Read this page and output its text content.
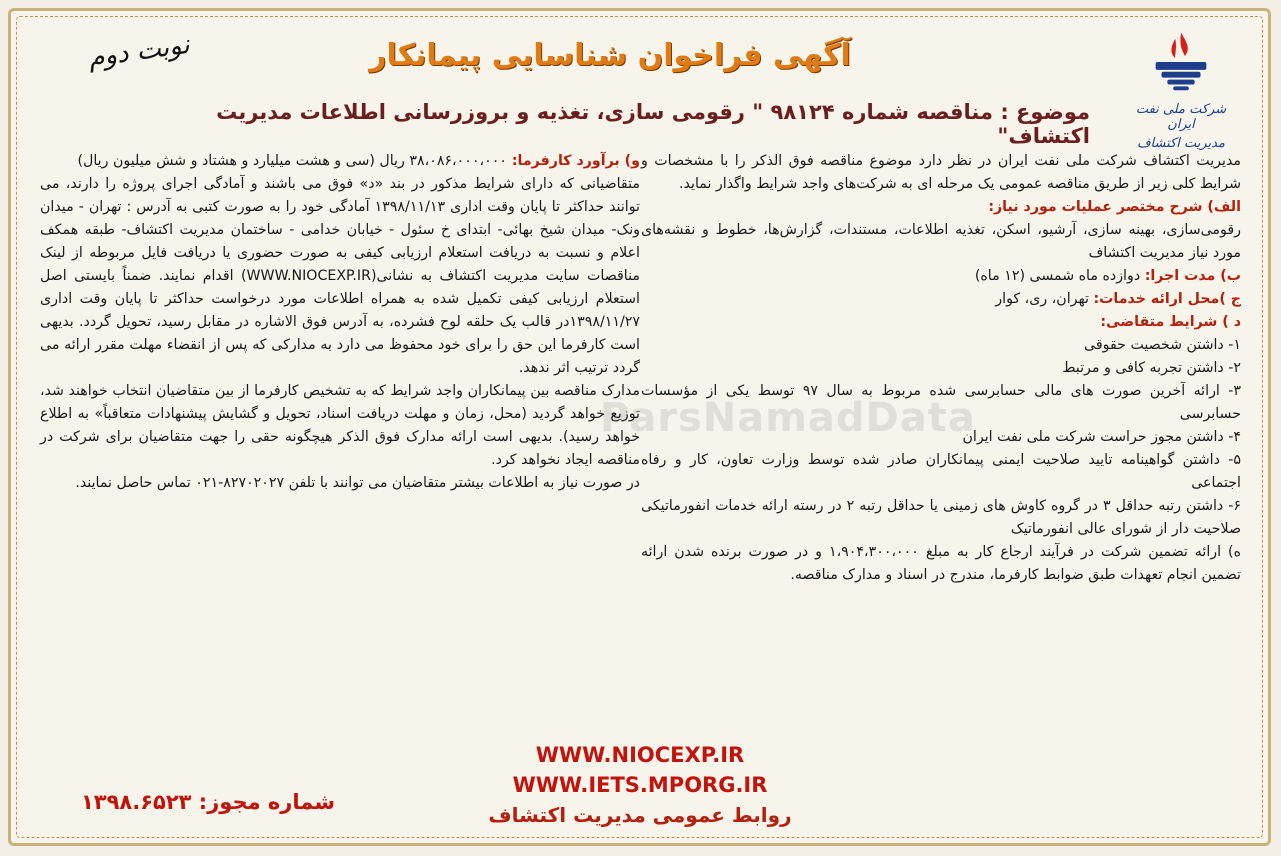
شرکت ملی نفت ایران
مدیریت اکتشاف
آگهی فراخوان شناسایی پیمانکار
نوبت دوم
موضوع : مناقصه شماره ۹۸۱۲۴ " رقومی سازی، تغذیه و بروزرسانی اطلاعات مدیریت اکتشاف"
ParsNamadData

مدیریت اکتشاف شرکت ملی نفت ایران در نظر دارد موضوع مناقصه فوق الذکر را با مشخصات و شرایط کلی زیر از طریق مناقصه عمومی یک مرحله ای به شرکت‌های واجد شرایط واگذار نماید.

الف) شرح مختصر عملیات مورد نیاز:

رقومی‌سازی، بهینه سازی، آرشیو، اسکن، تغذیه اطلاعات، مستندات، گزارش‌ها، خطوط و نقشه‌های مورد نیاز مدیریت اکتشاف

ب) مدت اجرا: دوازده ماه شمسی (۱۲ ماه)

ج )محل ارائه خدمات: تهران، ری، کوار

د ) شرایط متقاضی:

۱- داشتن شخصیت حقوقی

۲- داشتن تجربه کافی و مرتبط

۳- ارائه آخرین صورت های مالی حسابرسی شده مربوط به سال ۹۷ توسط یکی از مؤسسات حسابرسی

۴- داشتن مجوز حراست شرکت ملی نفت ایران

۵- داشتن گواهینامه تایید صلاحیت ایمنی پیمانکاران صادر شده توسط وزارت تعاون، کار و رفاه اجتماعی

۶- داشتن رتبه حداقل ۳ در گروه کاوش های زمینی یا حداقل رتبه ۲ در رسته ارائه خدمات انفورماتیکی صلاحیت دار از شورای عالی انفورماتیک

ه) ارائه تضمین شرکت در فرآیند ارجاع کار به مبلغ ۱،۹۰۴،۳۰۰،۰۰۰ و در صورت برنده شدن ارائه تضمین انجام تعهدات طبق ضوابط کارفرما، مندرج در اسناد و مدارک مناقصه.

و) برآورد کارفرما: ۳۸،۰۸۶،۰۰۰،۰۰۰ ریال (سی و هشت میلیارد و هشتاد و شش میلیون ریال)

متقاضیانی که دارای شرایط مذکور در بند «د» فوق می باشند و آمادگی اجرای پروژه را دارند، می توانند حداکثر تا پایان وقت اداری ۱۳۹۸/۱۱/۱۳ آمادگی خود را به صورت کتبی به آدرس : تهران - میدان ونک- میدان شیخ بهائی- ابتدای خ سئول - خیابان خدامی - ساختمان مدیریت اکتشاف- طبقه همکف اعلام و نسبت به دریافت استعلام ارزیابی کیفی به صورت حضوری یا دریافت فایل مربوطه از لینک مناقصات سایت مدیریت اکتشاف به نشانی(WWW.NIOCEXP.IR) اقدام نمایند. ضمناً بایستی اصل استعلام ارزیابی کیفی تکمیل شده به همراه اطلاعات مورد درخواست حداکثر تا پایان وقت اداری ۱۳۹۸/۱۱/۲۷در قالب یک حلقه لوح فشرده، به آدرس فوق الاشاره در مقابل رسید، تحویل گردد. بدیهی است کارفرما این حق را برای خود محفوظ می دارد به مدارکی که پس از انقضاء مهلت مقرر ارائه می گردد ترتیب اثر ندهد.

مدارک مناقصه بین پیمانکاران واجد شرایط که به تشخیص کارفرما از بین متقاضیان انتخاب خواهند شد، توزیع خواهد گردید (محل، زمان و مهلت دریافت اسناد، تحویل و گشایش پیشنهادات متعاقباً» به اطلاع خواهد رسید). بدیهی است ارائه مدارک فوق الذکر هیچگونه حقی را جهت متقاضیان برای شرکت در مناقصه ایجاد نخواهد کرد.

در صورت نیاز به اطلاعات بیشتر متقاضیان می توانند با تلفن ۸۲۷۰۲۰۲۷-۰۲۱ تماس حاصل نمایند.

WWW.NIOCEXP.IR
WWW.IETS.MPORG.IR
روابط عمومی مدیریت اکتشاف
شماره مجوز: ۱۳۹۸.۶۵۲۳
